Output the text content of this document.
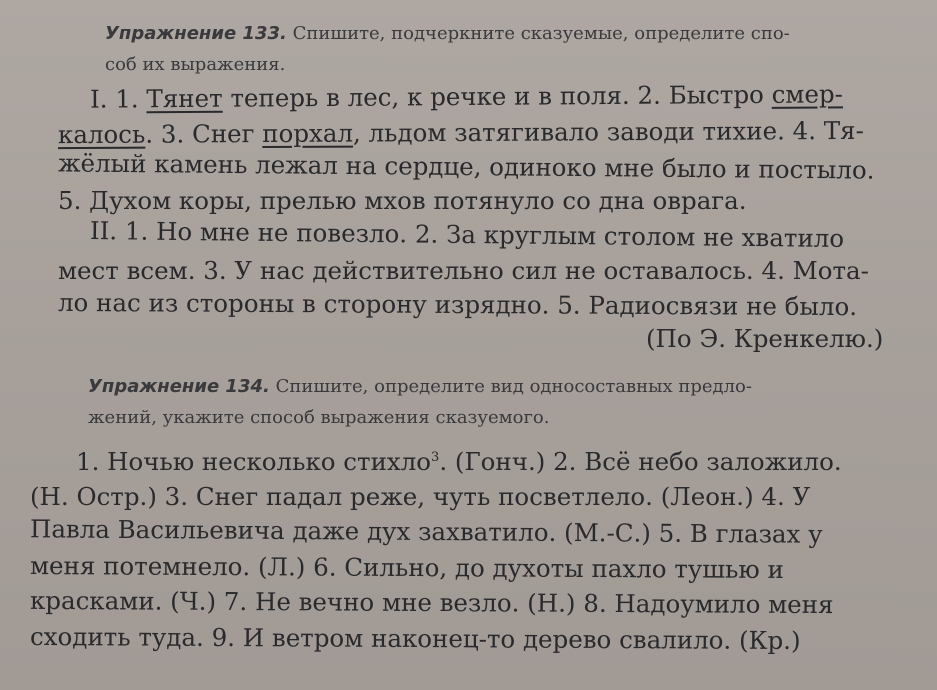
Упражнение 133. Спишите, подчеркните сказуемые, определите спо-
соб их выражения.
I. 1. Тянет теперь в лес, к речке и в поля. 2. Быстро смер-
калось. 3. Снег порхал, льдом затягивало заводи тихие. 4. Тя-
жёлый камень лежал на сердце, одиноко мне было и постыло.
5. Духом коры, прелью мхов потянуло со дна оврага.
II. 1. Но мне не повезло. 2. За круглым столом не хватило
мест всем. 3. У нас действительно сил не оставалось. 4. Мота-
ло нас из стороны в сторону изрядно. 5. Радиосвязи не было.
(По Э. Кренкелю.)
Упражнение 134. Спишите, определите вид односоставных предло-
жений, укажите способ выражения сказуемого.
1. Ночью несколько стихло$^3$. (Гонч.) 2. Всё небо заложило.
(Н. Остр.) 3. Снег падал реже, чуть посветлело. (Леон.) 4. У
Павла Васильевича даже дух захватило. (М.-С.) 5. В глазах у
меня потемнело. (Л.) 6. Сильно, до духоты пахло тушью и
красками. (Ч.) 7. Не вечно мне везло. (Н.) 8. Надоумило меня
сходить туда. 9. И ветром наконец-то дерево свалило. (Кр.)
